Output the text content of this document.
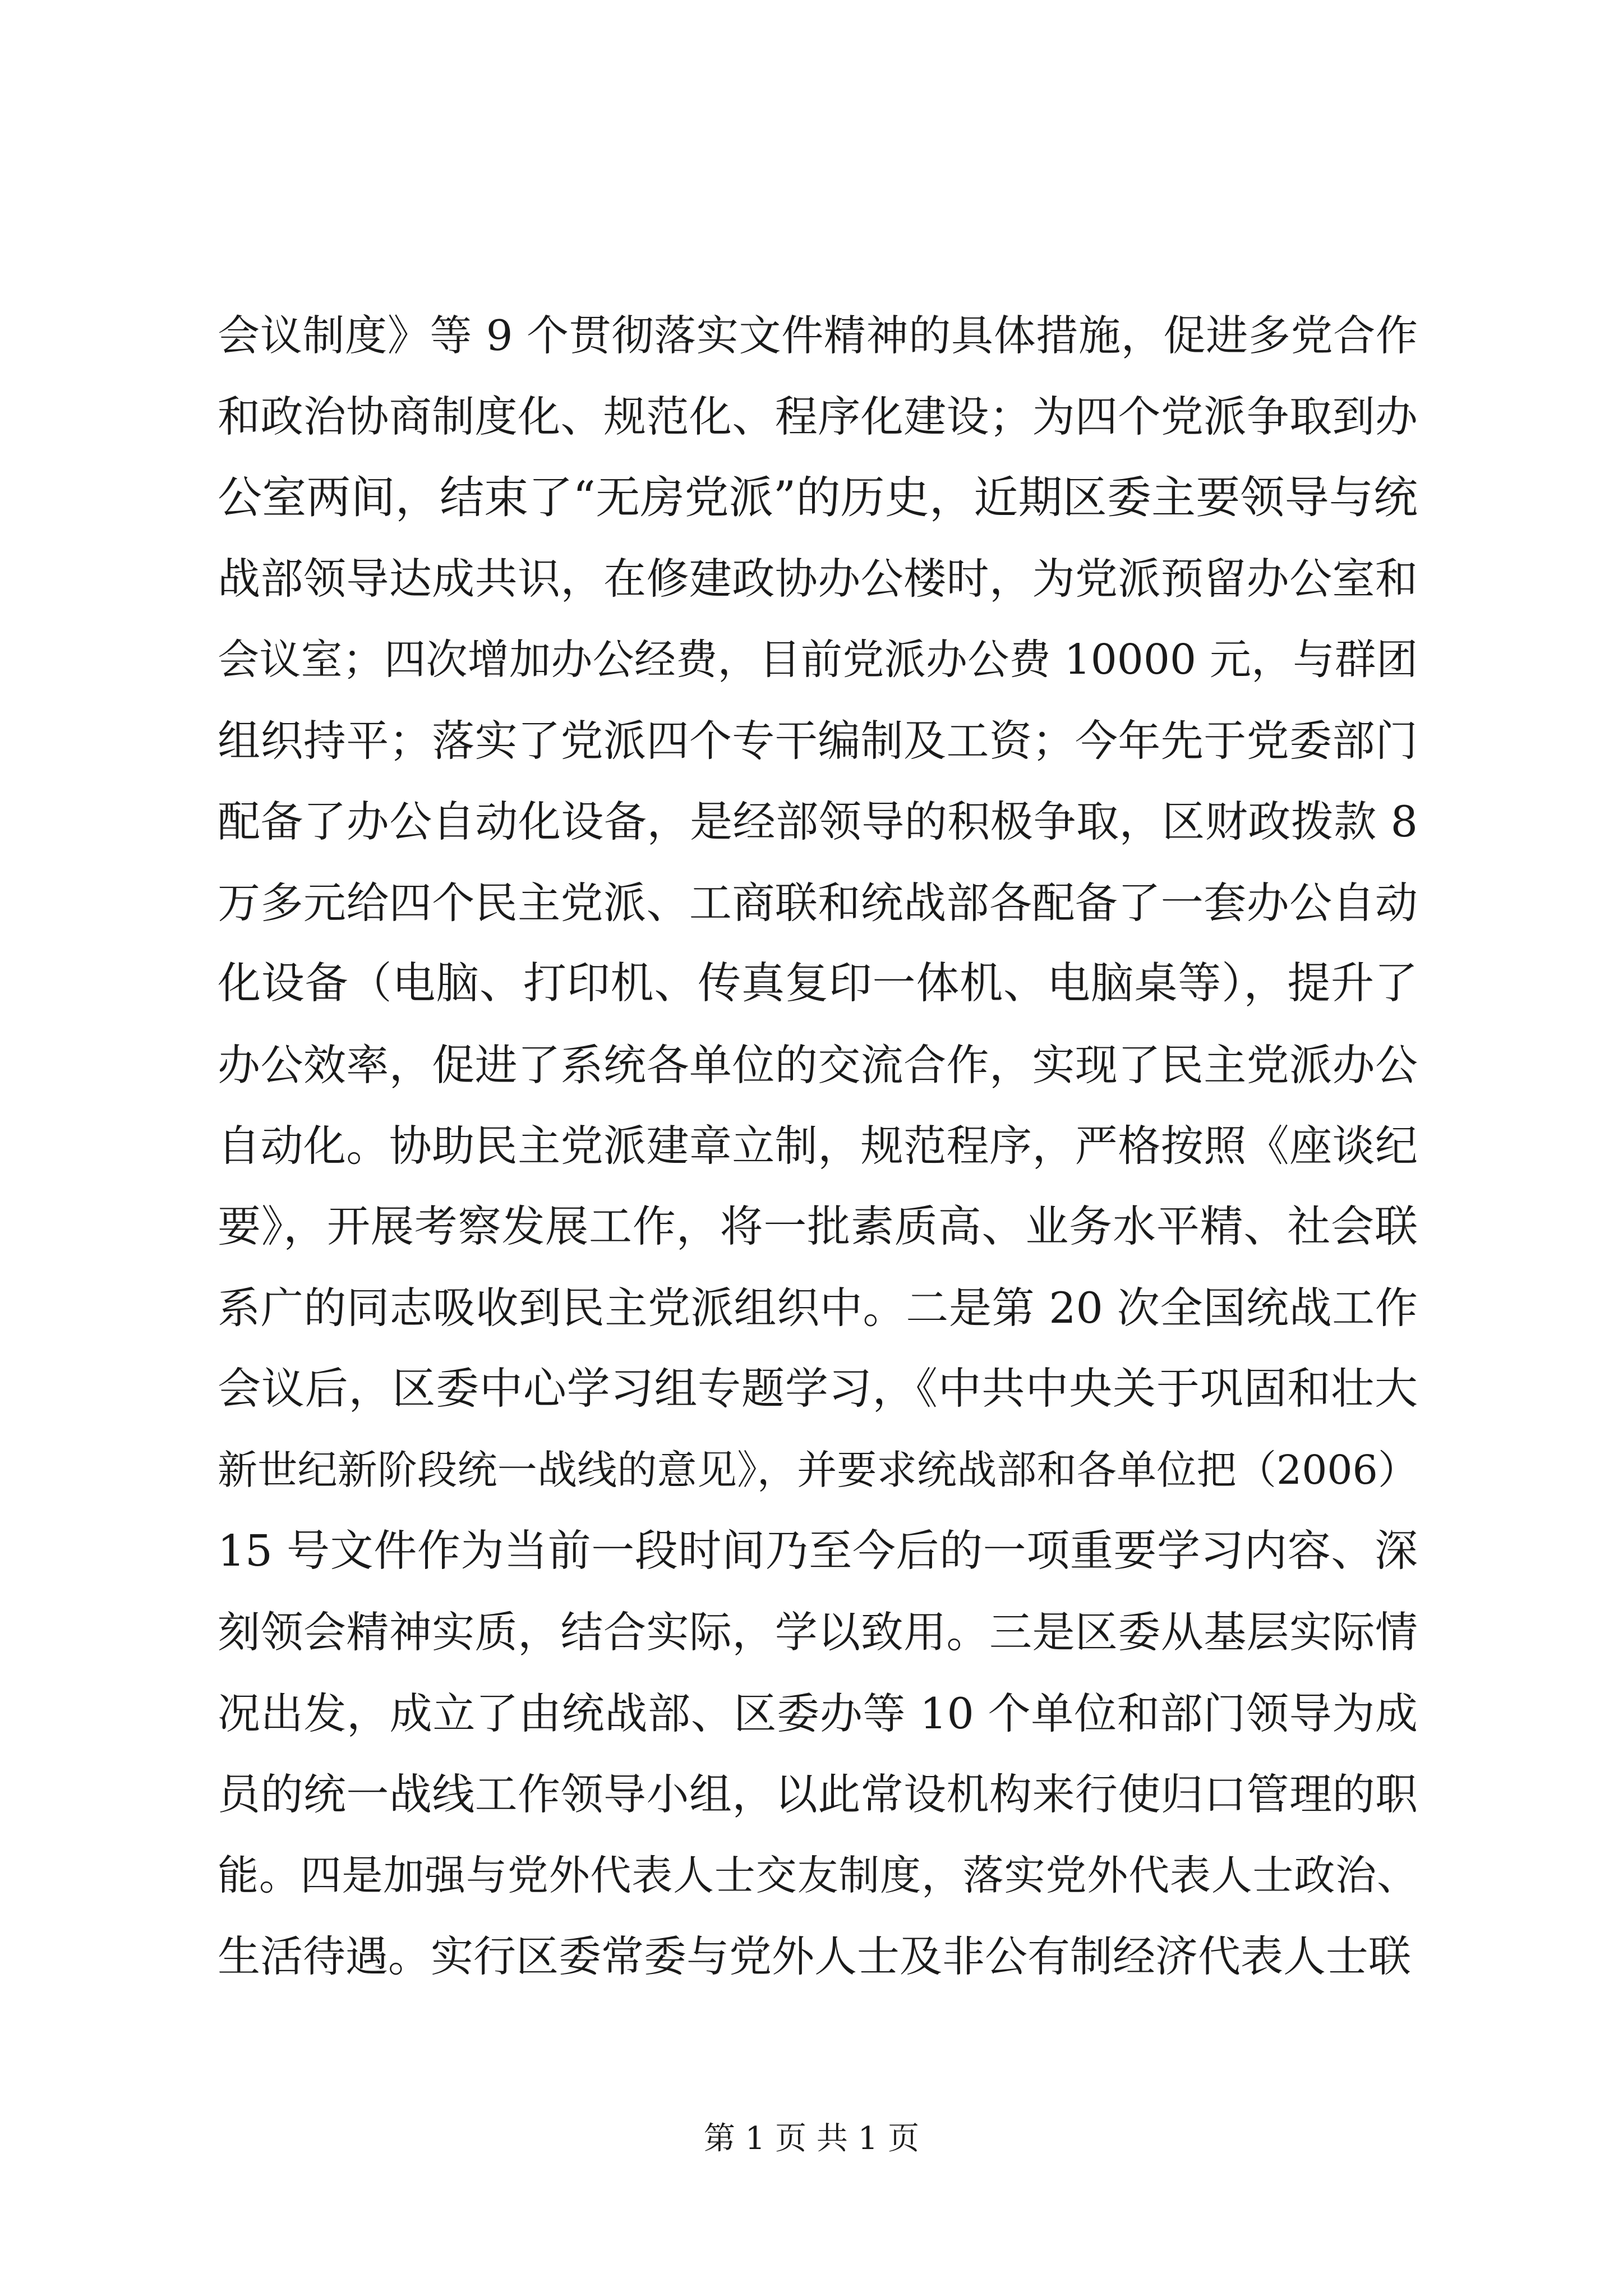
会议制度》等 9 个贯彻落实文件精神的具体措施，促进多党合作
和政治协商制度化、规范化、程序化建设；为四个党派争取到办
公室两间，结束了“无房党派”的历史，近期区委主要领导与统
战部领导达成共识，在修建政协办公楼时，为党派预留办公室和
会议室；四次增加办公经费，目前党派办公费 10000 元，与群团
组织持平；落实了党派四个专干编制及工资；今年先于党委部门
配备了办公自动化设备，是经部领导的积极争取，区财政拨款 8
万多元给四个民主党派、工商联和统战部各配备了一套办公自动
化设备（电脑、打印机、传真复印一体机、电脑桌等），提升了
办公效率，促进了系统各单位的交流合作，实现了民主党派办公
自动化。协助民主党派建章立制，规范程序，严格按照《座谈纪
要》，开展考察发展工作，将一批素质高、业务水平精、社会联
系广的同志吸收到民主党派组织中。二是第 20 次全国统战工作
会议后，区委中心学习组专题学习，《中共中央关于巩固和壮大
新世纪新阶段统一战线的意见》，并要求统战部和各单位把（2006）
15 号文件作为当前一段时间乃至今后的一项重要学习内容、深
刻领会精神实质，结合实际，学以致用。三是区委从基层实际情
况出发，成立了由统战部、区委办等 10 个单位和部门领导为成
员的统一战线工作领导小组，以此常设机构来行使归口管理的职
能。四是加强与党外代表人士交友制度，落实党外代表人士政治、
生活待遇。实行区委常委与党外人士及非公有制经济代表人士联
第 1 页 共 1 页
